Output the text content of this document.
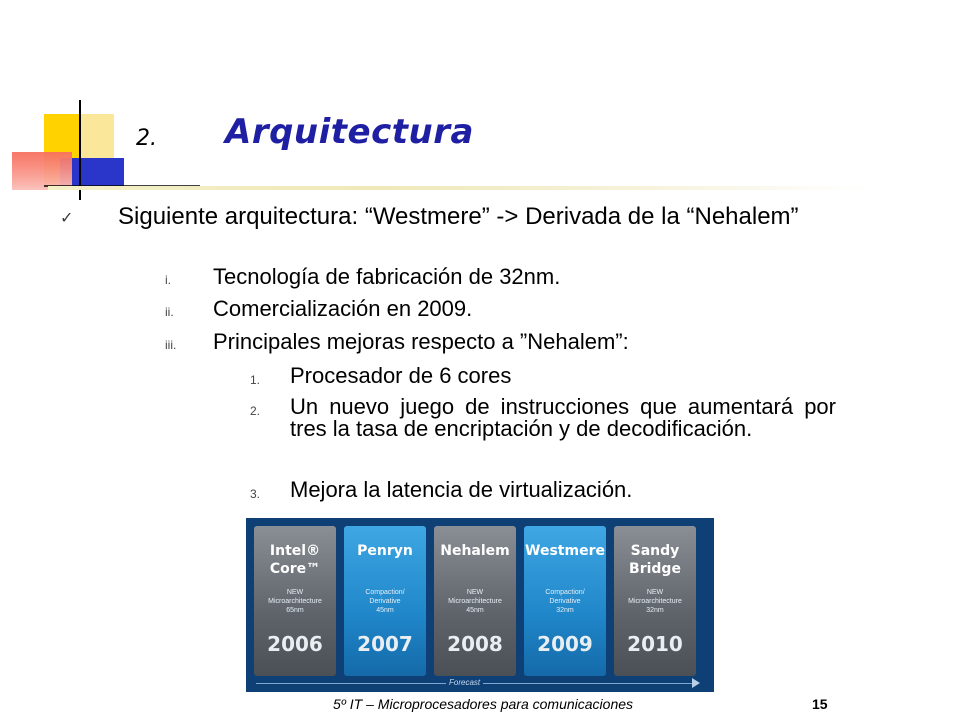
2. Arquitectura
✓ Siguiente arquitectura: “Westmere” -> Derivada de la “Nehalem”
i. Tecnología de fabricación de 32nm.
ii. Comercialización en 2009.
iii. Principales mejoras respecto a ”Nehalem”:
1. Procesador de 6 cores
2. Un nuevo juego de instrucciones que aumentará por tres la tasa de encriptación y de decodificación.
3. Mejora la latencia de virtualización.
Intel®
Core™
NEW
Microarchitecture
65nm
2006
Penryn
Compaction/
Derivative
45nm
2007
Nehalem
NEW
Microarchitecture
45nm
2008
Westmere
Compaction/
Derivative
32nm
2009
Sandy
Bridge
NEW
Microarchitecture
32nm
2010
Forecast
5º IT – Microprocesadores para comunicaciones	15
